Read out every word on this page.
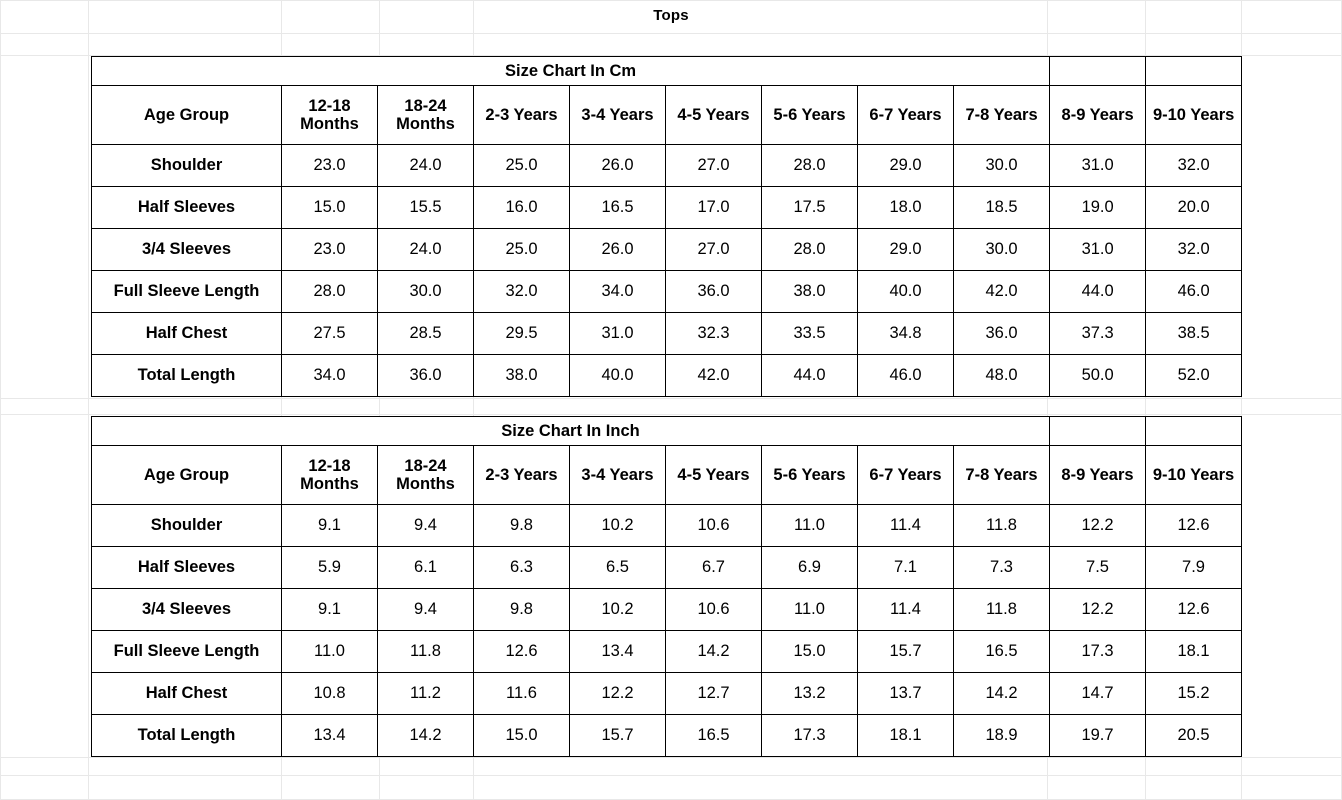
Tops
Size Chart In Cm										
Age Group	12-18 Months	18-24 Months	2-3 Years	3-4 Years	4-5 Years	5-6 Years	6-7 Years	7-8 Years	8-9 Years	9-10 Years
Shoulder	23.0	24.0	25.0	26.0	27.0	28.0	29.0	30.0	31.0	32.0
Half Sleeves	15.0	15.5	16.0	16.5	17.0	17.5	18.0	18.5	19.0	20.0
3/4 Sleeves	23.0	24.0	25.0	26.0	27.0	28.0	29.0	30.0	31.0	32.0
Full Sleeve Length	28.0	30.0	32.0	34.0	36.0	38.0	40.0	42.0	44.0	46.0
Half Chest	27.5	28.5	29.5	31.0	32.3	33.5	34.8	36.0	37.3	38.5
Total Length	34.0	36.0	38.0	40.0	42.0	44.0	46.0	48.0	50.0	52.0
Size Chart In Inch										
Age Group	12-18 Months	18-24 Months	2-3 Years	3-4 Years	4-5 Years	5-6 Years	6-7 Years	7-8 Years	8-9 Years	9-10 Years
Shoulder	9.1	9.4	9.8	10.2	10.6	11.0	11.4	11.8	12.2	12.6
Half Sleeves	5.9	6.1	6.3	6.5	6.7	6.9	7.1	7.3	7.5	7.9
3/4 Sleeves	9.1	9.4	9.8	10.2	10.6	11.0	11.4	11.8	12.2	12.6
Full Sleeve Length	11.0	11.8	12.6	13.4	14.2	15.0	15.7	16.5	17.3	18.1
Half Chest	10.8	11.2	11.6	12.2	12.7	13.2	13.7	14.2	14.7	15.2
Total Length	13.4	14.2	15.0	15.7	16.5	17.3	18.1	18.9	19.7	20.5
